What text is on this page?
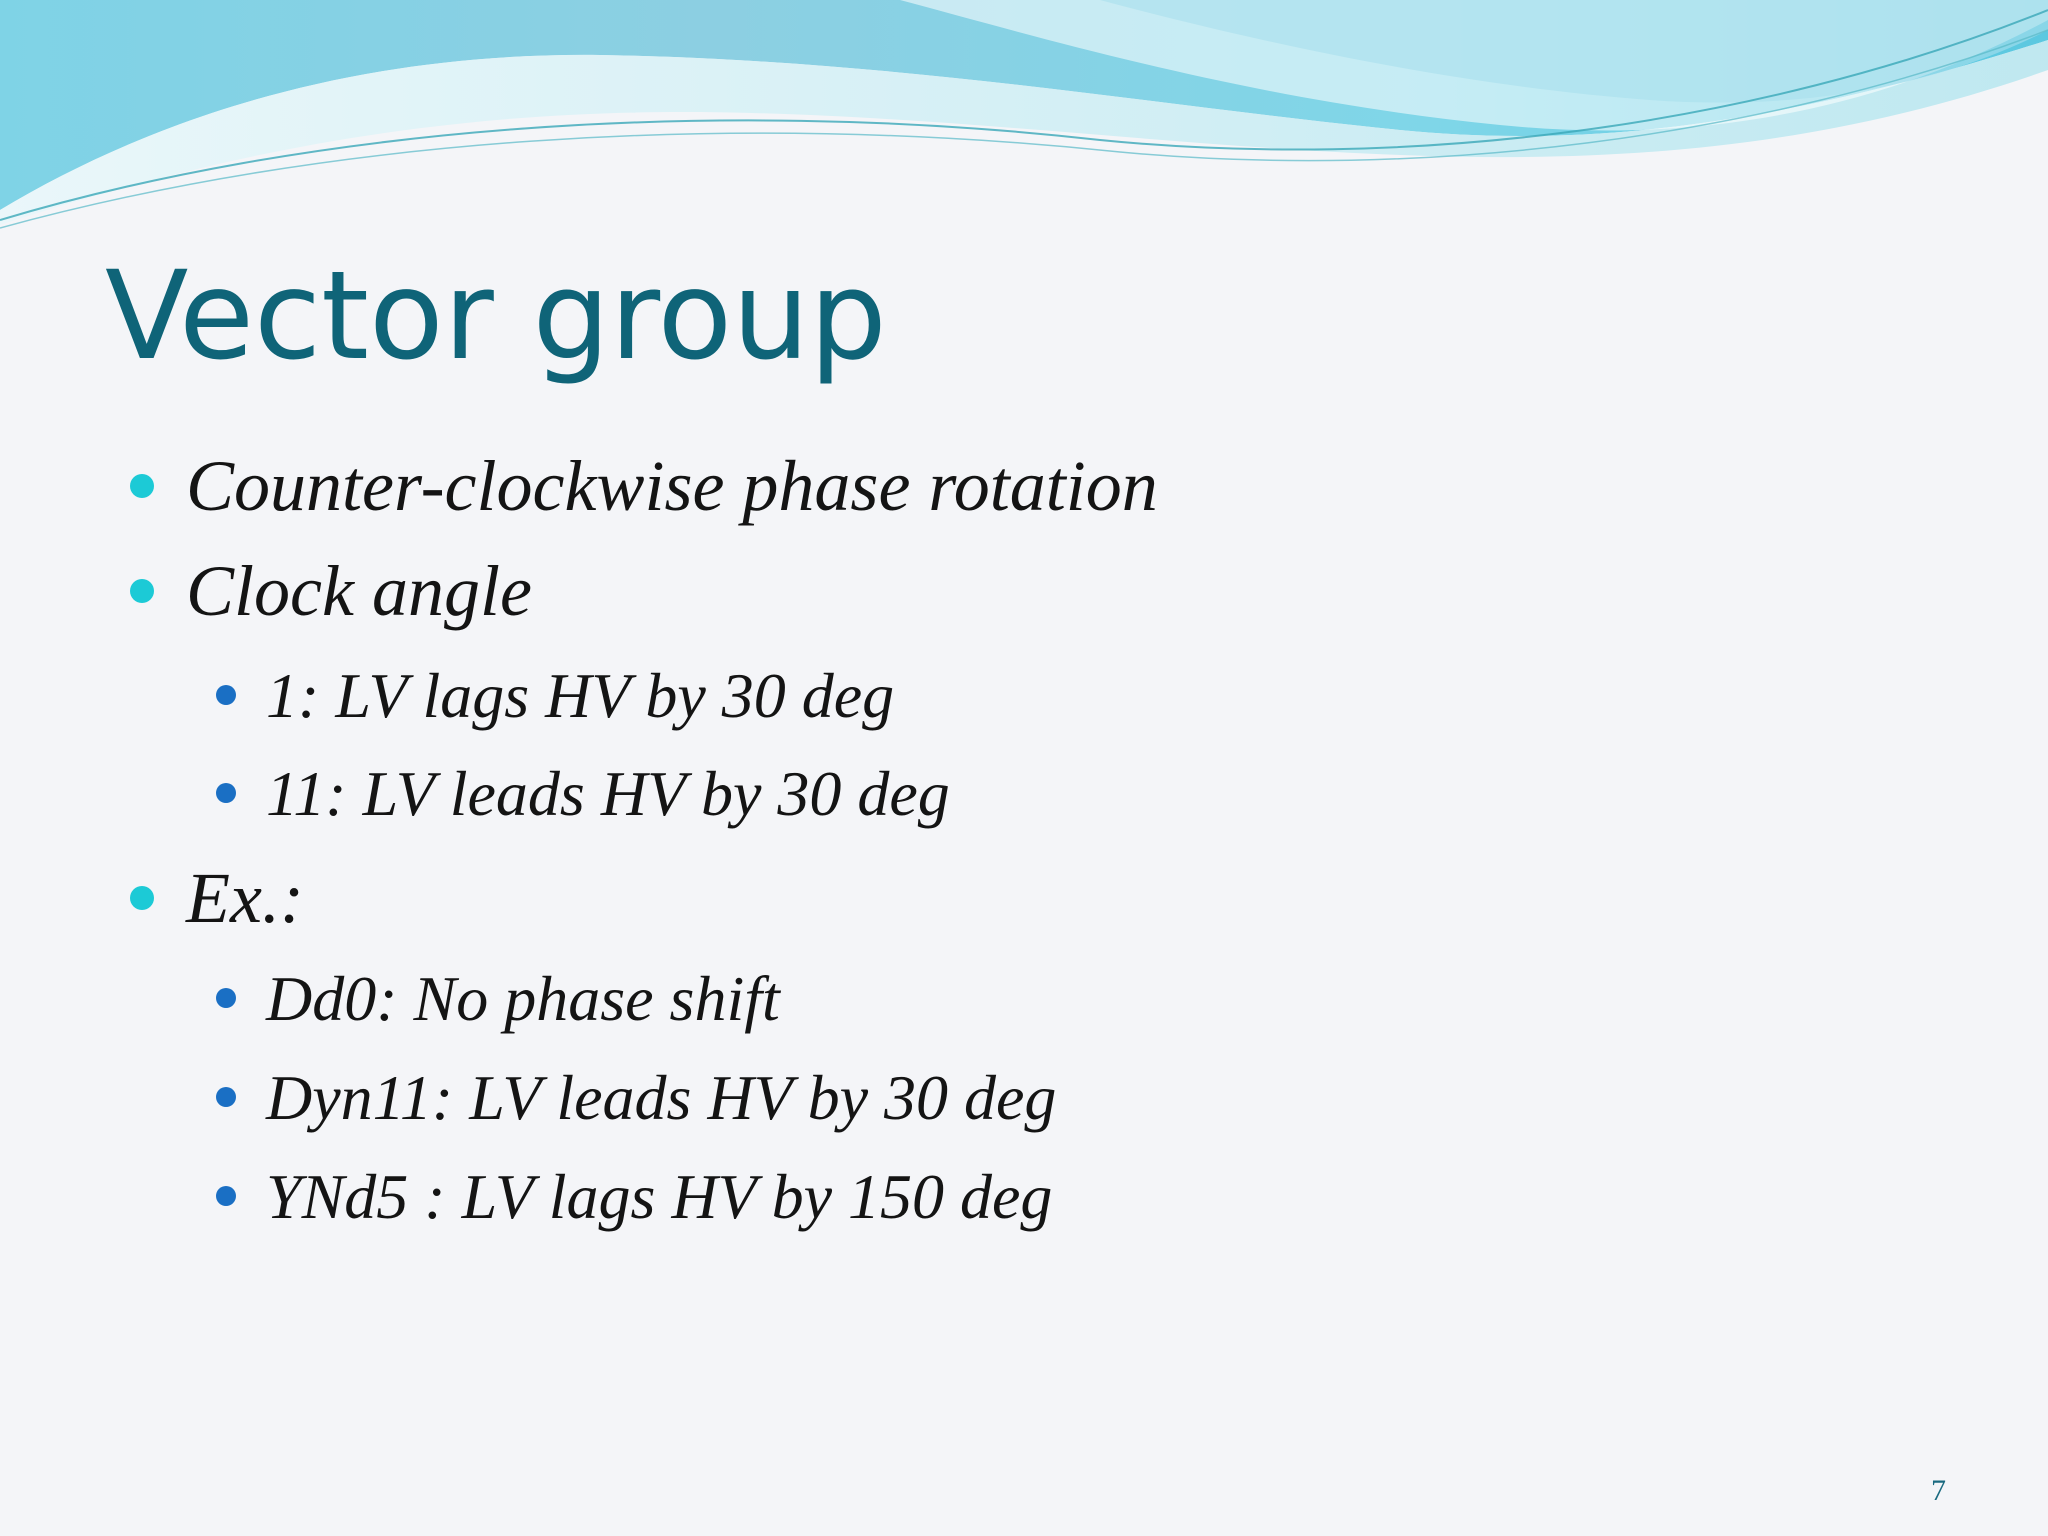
Vector group
Counter-clockwise phase rotation
Clock angle
1: LV lags HV by 30 deg
11: LV leads HV by 30 deg
Ex.:
Dd0: No phase shift
Dyn11: LV leads HV by 30 deg
YNd5 : LV lags HV by 150 deg
7
